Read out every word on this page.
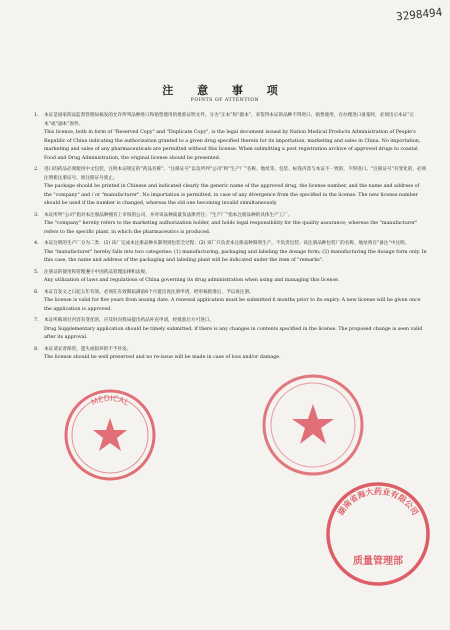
3298494
注 意 事 项
POINTS OF ATTENTION
1. 本证是国家药品监督管理局核发的允许所列品种进口和销售使用的批准证明文件。分为“正本”和“副本”，来鉴得本证的品种不得进口、销售使用，在办理进口备案时，必须出示本证“正本”或“副本”原件。

This license, both in form of "Reserved Copy" and "Duplicate Copy", is the legal document issued by Nation Medical Products Administration of People's Republic of China indicating the authorization granted to a given drug specified therein for its importation, marketing and sales in China. No importation, marketing and sales of any pharmaceuticals are permitted without this license. When submitting a post registration archive of approved drugs to coastal Food and Drug Administration, the original license should be presented.

2. 进口的药品必须使用中文包装，注明本证规定的“药品名称”、“注册证号”以及所列“公司”和“生产厂”名称、地址等。包装、标签内容与本证不一致的，不得进口。“注册证号”有变化的，必须注明新注册证号、原注册证号废止。

The package should be printed in Chinese and indicated clearly the generic name of the approved drug, the license number, and the name and address of the "company" and / or "manufacturer". No importation is permitted, in case of any divergence from the specified in the license. The new license number should be used if the number is changed, whereas the old one becoming invalid simultaneously.

3. 本证所列“公司”指对本注册品种拥有上市权的公司，并对该品种质量负法律责任；“生产厂”指本注册品种的具体生产工厂。

The "company" hereby refers to the marketing authorization holder, and holds legal responsibility for the quality assurance; whereas the "manufacturer" refers to the specific plant, in which the pharmaceutics is produced.

4. 本证注明的生产厂分为二类：(1) 该厂完成本注册品种从制剂到包装全过程；(2) 该厂只负责本注册品种制剂生产，不负责包装；该注册品种包装厂的名称、地址将在“备注”中注明。

The "manufacturer" hereby falls into two categories: (1) manufacturing, packaging and labeling the dosage form; (2) manufacturing the dosage form only. In this case, the name and address of the packaging and labeling plant will be indicated under the item of "remarks".

5. 注册证的使用和管理遵守中国药品管理法律和法规。

Any utilization of laws and regulations of China governing its drug administration when using and managing this license.

6. 本证自发文之日起五年有效。必须在有效期届满前6个月提出再注册申请，经审核批准后，予以再注册。

The license is valid for five years from issuing date. A renewal application must be submitted 6 months prior to its expiry. A new license will be given once the application is approved.

7. 本证所载项目内容有变化的，应及时向我局提出药品补充申请，经批准后方可进口。

Drug Supplementary application should be timely submitted, if there is any changes in contents specified in the license. The proposed change is seen valid after its approval.

8. 本证请妥善保管，遗失或损坏的不予补发。

The license should be well preserved and no re-issue will be made in case of loss and/or damage.

MEDICAL
湖南省海大药业有限公司
质量管理部
